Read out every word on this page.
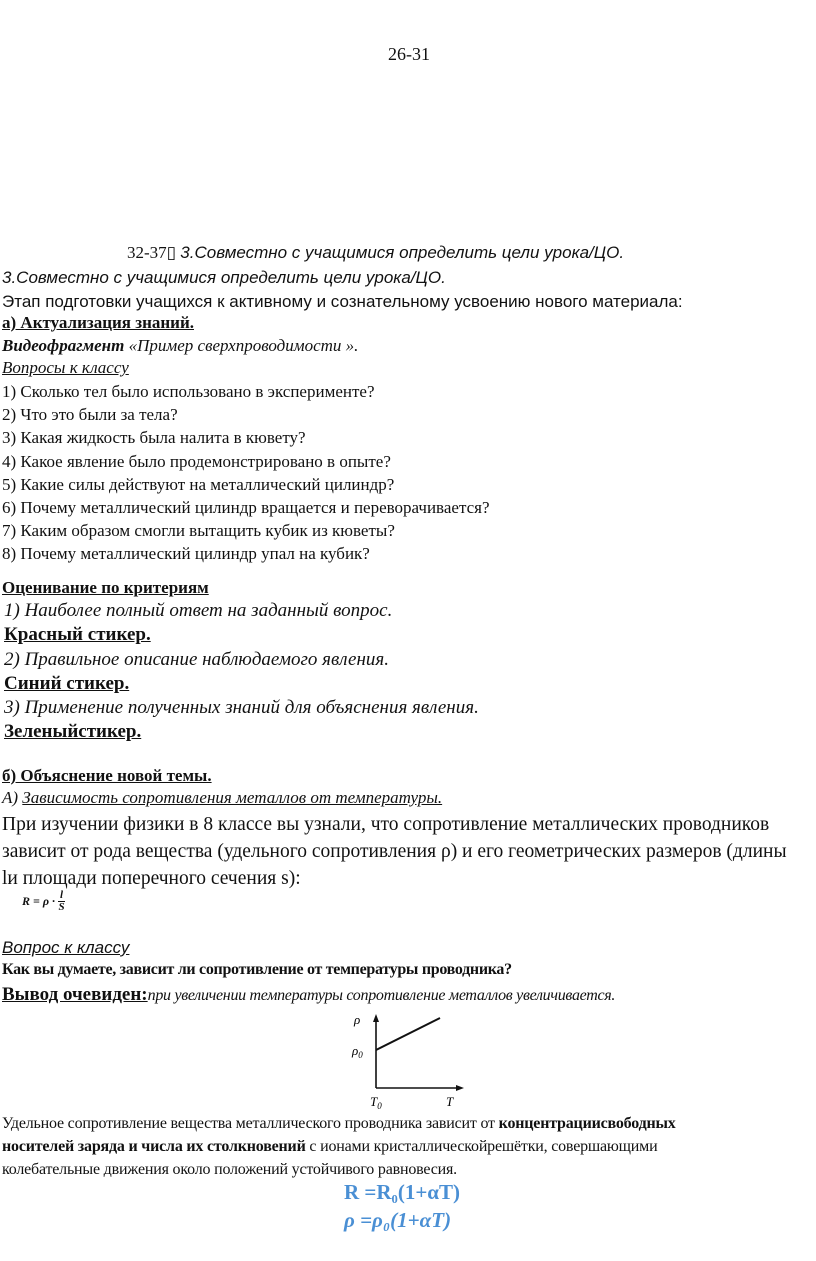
26-31
32-37▯ 3.Совместно с учащимися определить цели урока/ЦО.
3.Совместно с учащимися определить цели урока/ЦО.
Этап подготовки учащихся к активному и сознательному усвоению нового материала:
а) Актуализация знаний.
Видеофрагмент «Пример сверхпроводимости ».
Вопросы к классу
1) Сколько тел было использовано в эксперименте?
2) Что это были за тела?
3) Какая жидкость была налита в кювету?
4) Какое явление было продемонстрировано в опыте?
5) Какие силы действуют на металлический цилиндр?
6) Почему металлический цилиндр вращается и переворачивается?
7) Каким образом смогли вытащить кубик из кюветы?
8) Почему металлический цилиндр упал на кубик?
Оценивание по критериям
1) Наиболее полный ответ на заданный вопрос.
Красный стикер.
2) Правильное описание наблюдаемого явления.
Синий стикер.
3) Применение полученных знаний для объяснения явления.
Зеленыйстикер.
б) Объяснение новой темы.
А) Зависимость сопротивления металлов от температуры.
При изучении физики в 8 классе вы узнали, что сопротивление металлических проводников
зависит от рода вещества (удельного сопротивления ρ) и его геометрических размеров (длины
lи площади поперечного сечения s):
$R = \rho \cdot \frac{l}{S}$
Вопрос к классу
Как вы думаете, зависит ли сопротивление от температуры проводника?
Вывод очевиден:при увеличении температуры сопротивление металлов увеличивается.
ρ
$\rho_0$
$T_0$	T
Удельное сопротивление вещества металлического проводника зависит от концентрациисвободных
носителей заряда и числа их столкновений с ионами кристаллическойрешётки, совершающими
колебательные движения около положений устойчивого равновесия.
R =R₀(1+αT)
ρ =ρ₀(1+αT)
